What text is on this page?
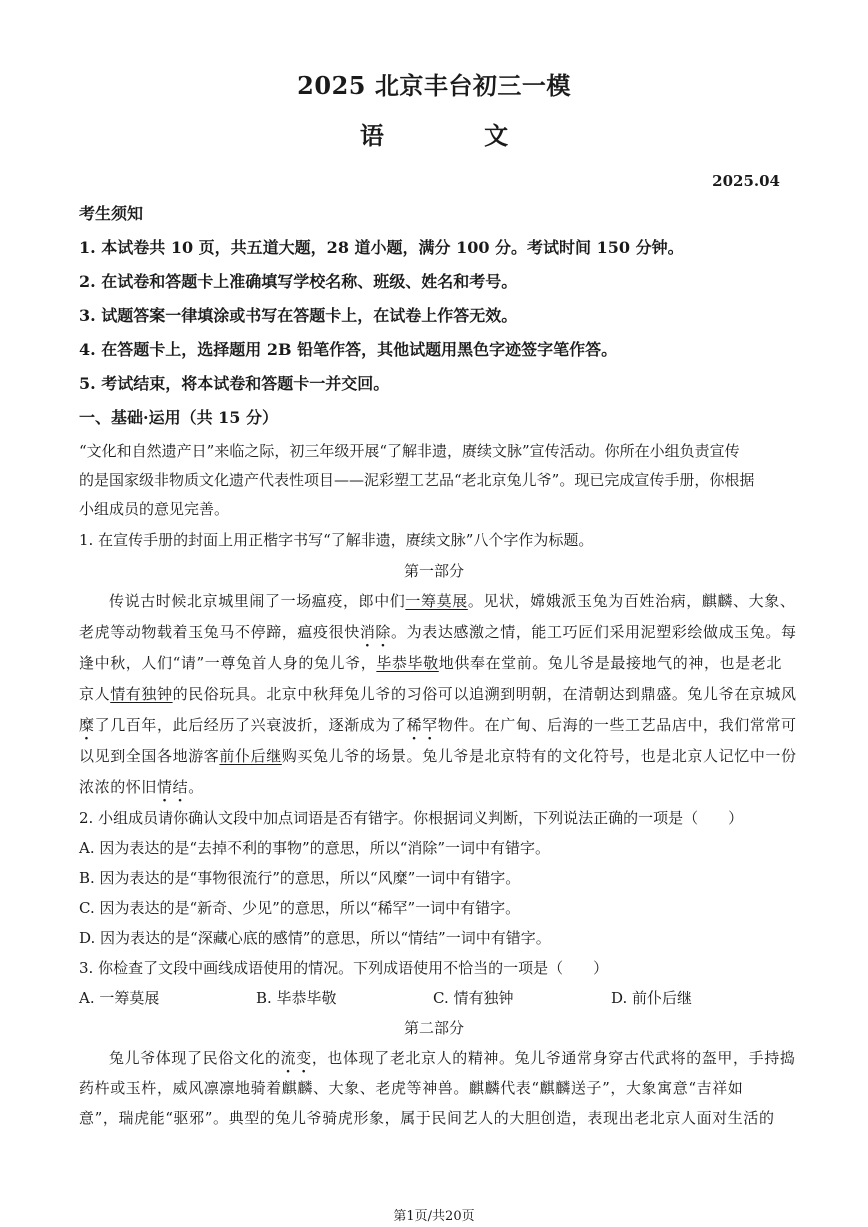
2025 北京丰台初三一模
语 文
2025.04
考生须知
1. 本试卷共 10 页，共五道大题，28 道小题，满分 100 分。考试时间 150 分钟。
2. 在试卷和答题卡上准确填写学校名称、班级、姓名和考号。
3. 试题答案一律填涂或书写在答题卡上，在试卷上作答无效。
4. 在答题卡上，选择题用 2B 铅笔作答，其他试题用黑色字迹签字笔作答。
5. 考试结束，将本试卷和答题卡一并交回。
一、基础·运用（共 15 分）
“文化和自然遗产日”来临之际，初三年级开展“了解非遗，赓续文脉”宣传活动。你所在小组负责宣传
的是国家级非物质文化遗产代表性项目——泥彩塑工艺品“老北京兔儿爷”。现已完成宣传手册，你根据
小组成员的意见完善。
1. 在宣传手册的封面上用正楷字书写“了解非遗，赓续文脉”八个字作为标题。
第一部分
传说古时候北京城里闹了一场瘟疫，郎中们一筹莫展。见状，嫦娥派玉兔为百姓治病，麒麟、大象、
老虎等动物载着玉兔马不停蹄，瘟疫很快消除。为表达感激之情，能工巧匠们采用泥塑彩绘做成玉兔。每
逢中秋，人们“请”一尊兔首人身的兔儿爷，毕恭毕敬地供奉在堂前。兔儿爷是最接地气的神，也是老北
京人情有独钟的民俗玩具。北京中秋拜兔儿爷的习俗可以追溯到明朝，在清朝达到鼎盛。兔儿爷在京城风
糜了几百年，此后经历了兴衰波折，逐渐成为了稀罕物件。在广甸、后海的一些工艺品店中，我们常常可
以见到全国各地游客前仆后继购买兔儿爷的场景。兔儿爷是北京特有的文化符号，也是北京人记忆中一份
浓浓的怀旧情结。
2. 小组成员请你确认文段中加点词语是否有错字。你根据词义判断，下列说法正确的一项是（　　）
A. 因为表达的是“去掉不利的事物”的意思，所以“消除”一词中有错字。
B. 因为表达的是“事物很流行”的意思，所以“风糜”一词中有错字。
C. 因为表达的是“新奇、少见”的意思，所以“稀罕”一词中有错字。
D. 因为表达的是“深藏心底的感情”的意思，所以“情结”一词中有错字。
3. 你检查了文段中画线成语使用的情况。下列成语使用不恰当的一项是（　　）
A. 一筹莫展	B. 毕恭毕敬	C. 情有独钟	D. 前仆后继
第二部分
兔儿爷体现了民俗文化的流变，也体现了老北京人的精神。兔儿爷通常身穿古代武将的盔甲，手持捣
药杵或玉杵，威风凛凛地骑着麒麟、大象、老虎等神兽。麒麟代表“麒麟送子”，大象寓意“吉祥如
意”，瑞虎能“驱邪”。典型的兔儿爷骑虎形象，属于民间艺人的大胆创造，表现出老北京人面对生活的
第1页/共20页
